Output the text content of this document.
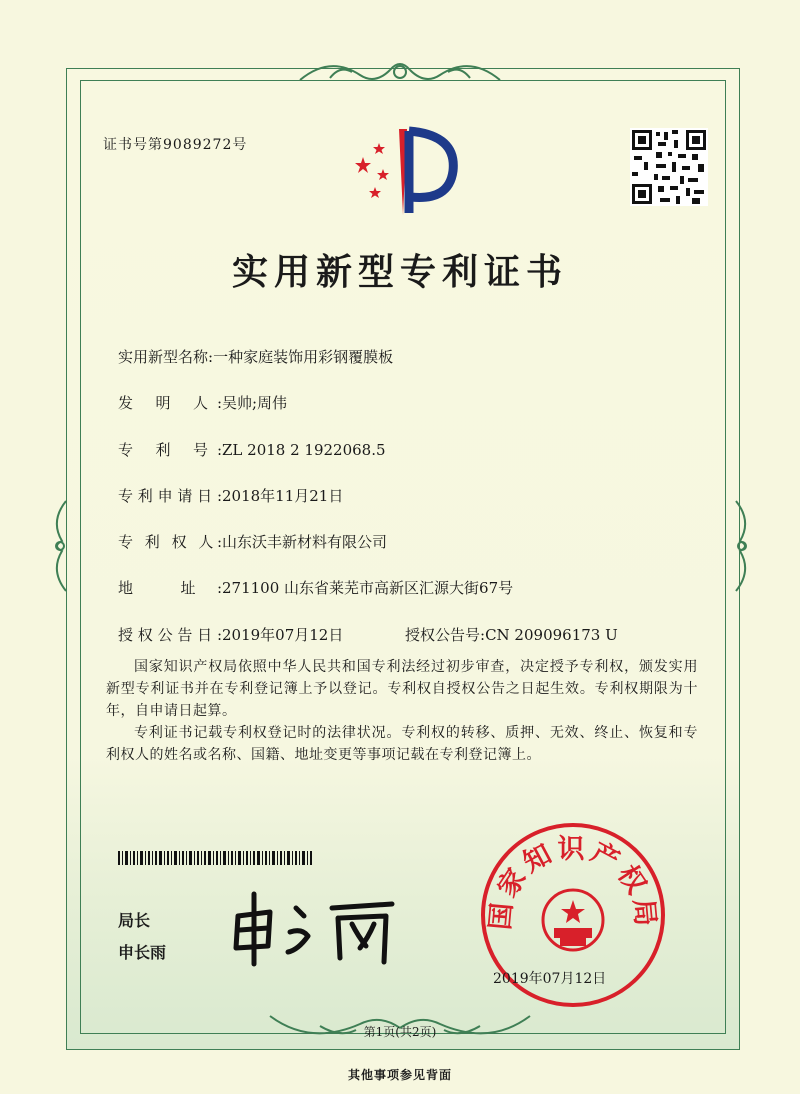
证书号第9089272号
实用新型专利证书
实用新型名称:一种家庭装饰用彩钢覆膜板
发 明 人:吴帅;周伟
专 利 号:ZL 2018 2 1922068.5
专利申请日:2018年11月21日
专 利 权 人:山东沃丰新材料有限公司
地 址:271100 山东省莱芜市高新区汇源大街67号
授权公告日:2019年07月12日	授权公告号:CN 209096173 U
国家知识产权局依照中华人民共和国专利法经过初步审查，决定授予专利权，颁发实用新型专利证书并在专利登记簿上予以登记。专利权自授权公告之日起生效。专利权期限为十年，自申请日起算。
专利证书记载专利权登记时的法律状况。专利权的转移、质押、无效、终止、恢复和专利权人的姓名或名称、国籍、地址变更等事项记载在专利登记簿上。
局长
申长雨
国家知识产权局
2019年07月12日
第1页(共2页)
其他事项参见背面
